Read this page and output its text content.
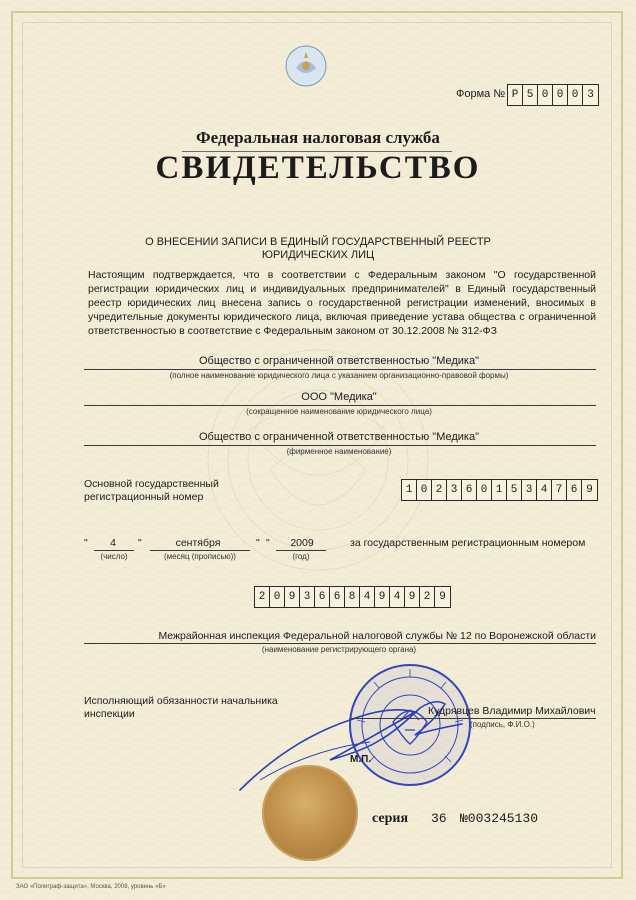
Форма № Р 5 0 0 0 3
Федеральная налоговая служба
СВИДЕТЕЛЬСТВО
О ВНЕСЕНИИ ЗАПИСИ В ЕДИНЫЙ ГОСУДАРСТВЕННЫЙ РЕЕСТР
ЮРИДИЧЕСКИХ ЛИЦ
Настоящим подтверждается, что в соответствии с Федеральным законом "О государственной регистрации юридических лиц и индивидуальных предпринимателей" в Единый государственный реестр юридических лиц внесена запись о государственной регистрации изменений, вносимых в учредительные документы юридического лица, включая приведение устава общества с ограниченной ответственностью в соответствие с Федеральным законом от 30.12.2008 № 312-ФЗ
Общество с ограниченной ответственностью "Медика"
(полное наименование юридического лица с указанием организационно-правовой формы)
ООО "Медика"
(сокращенное наименование юридического лица)
Общество с ограниченной ответственностью "Медика"
(фирменное наименование)
Основной государственный
регистрационный номер
1 0 2 3 6 0 1 5 3 4 7 6 9
"	4	"
(число)
сентября
(месяц (прописью))
" "	2009
(год)
за государственным регистрационным номером
2 0 9 3 6 6 8 4 9 4 9 2 9
Межрайонная инспекция Федеральной налоговой службы № 12 по Воронежской области
(наименование регистрирующего органа)
Исполняющий обязанности начальника
инспекции	Кудрявцев Владимир Михайлович
(подпись, Ф.И.О.)
М.П.
серия 36 №003245130
ЗАО «Полиграф-защита», Москва, 2008, уровень «Б»
